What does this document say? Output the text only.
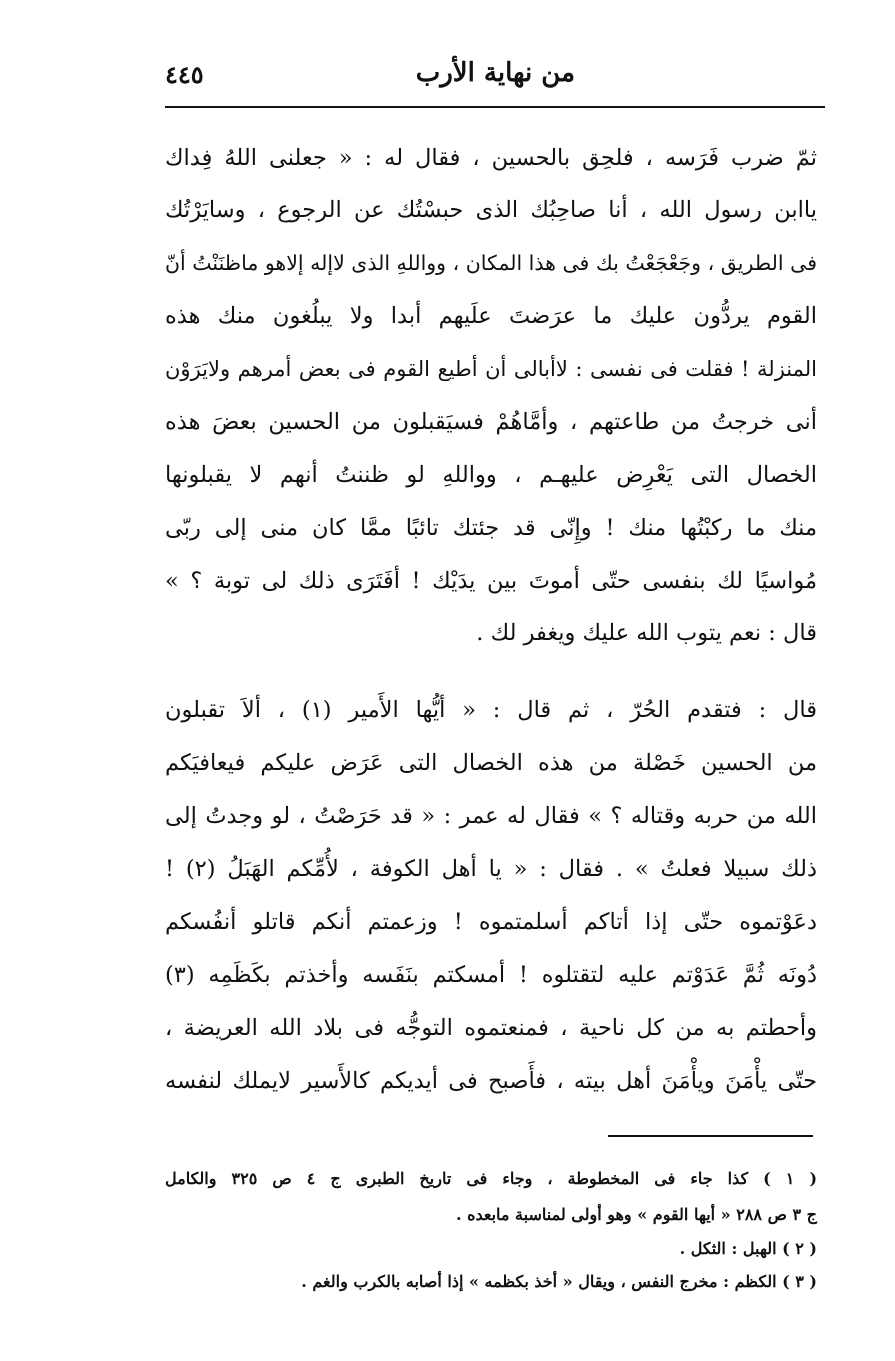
من نهاية الأرب
٤٤٥
ثمّ ضرب فَرَسه ، فلحِق بالحسين ، فقال له : « جعلنى اللهُ فِداك
ياابن رسول الله ، أنا صاحِبُك الذى حبسْتُك عن الرجوع ، وسايَرْتُك
فى الطريق ، وجَعْجَعْتُ بك فى هذا المكان ، وواللهِ الذى لاإله إلاهو ماظنَنْتُ أنّ
القوم يردُّون عليك ما عرَضتَ علَيهم أبدا ولا يبلُغون منك هذه
المنزلة ! فقلت فى نفسى : لاأبالى أن أطيع القوم فى بعض أمرهم ولايَرَوْن
أنى خرجتُ من طاعتهم ، وأمَّاهُمْ فسيَقبلون من الحسين بعضَ هذه
الخصال التى يَعْرِض عليهـم ، وواللهِ لو ظننتُ أنهم لا يقبلونها
منك ما ركبْتُها منك ! وإِنّى قد جئتك تائبًا ممَّا كان منى إلى ربّى
مُواسيًا لك بنفسى حتّى أموتَ بين يدَيْك ! أفَتَرَى ذلك لى توبة ؟ »
قال : نعم يتوب الله عليك ويغفر لك .
قال : فتقدم الحُرّ ، ثم قال : « أيُّها الأَمير (١) ، ألاَ تقبلون
من الحسين خَصْلة من هذه الخصال التى عَرَض عليكم فيعافيَكم
الله من حربه وقتاله ؟ » فقال له عمر : « قد حَرَصْتُ ، لو وجدتُ إلى
ذلك سبيلا فعلتُ » . فقال : « يا أهل الكوفة ، لأُمِّكم الهَبَلُ (٢) !
دعَوْتموه حتّى إذا أتاكم أسلمتموه ! وزعمتم أنكم قاتلو أنفُسكم
دُونَه ثُمَّ عَدَوْتم عليه لتقتلوه ! أمسكتم بنَفَسه وأخذتم بكَظَمِه (٣)
وأحطتم به من كل ناحية ، فمنعتموه التوجُّه فى بلاد الله العريضة ،
حتّى يأْمَنَ ويأْمَنَ أهل بيته ، فأَصبح فى أيديكم كالأَسير لايملك لنفسه
( ١ ) كذا جاء فى المخطوطة ، وجاء فى تاريخ الطبرى ج ٤ ص ٣٢٥ والكامل
ج ٣ ص ٢٨٨ « أيها القوم » وهو أولى لمناسبة مابعده .
( ٢ ) الهبل : الثكل .
( ٣ ) الكظم : مخرج النفس ، ويقال « أخذ بكظمه » إذا أصابه بالكرب والغم .
